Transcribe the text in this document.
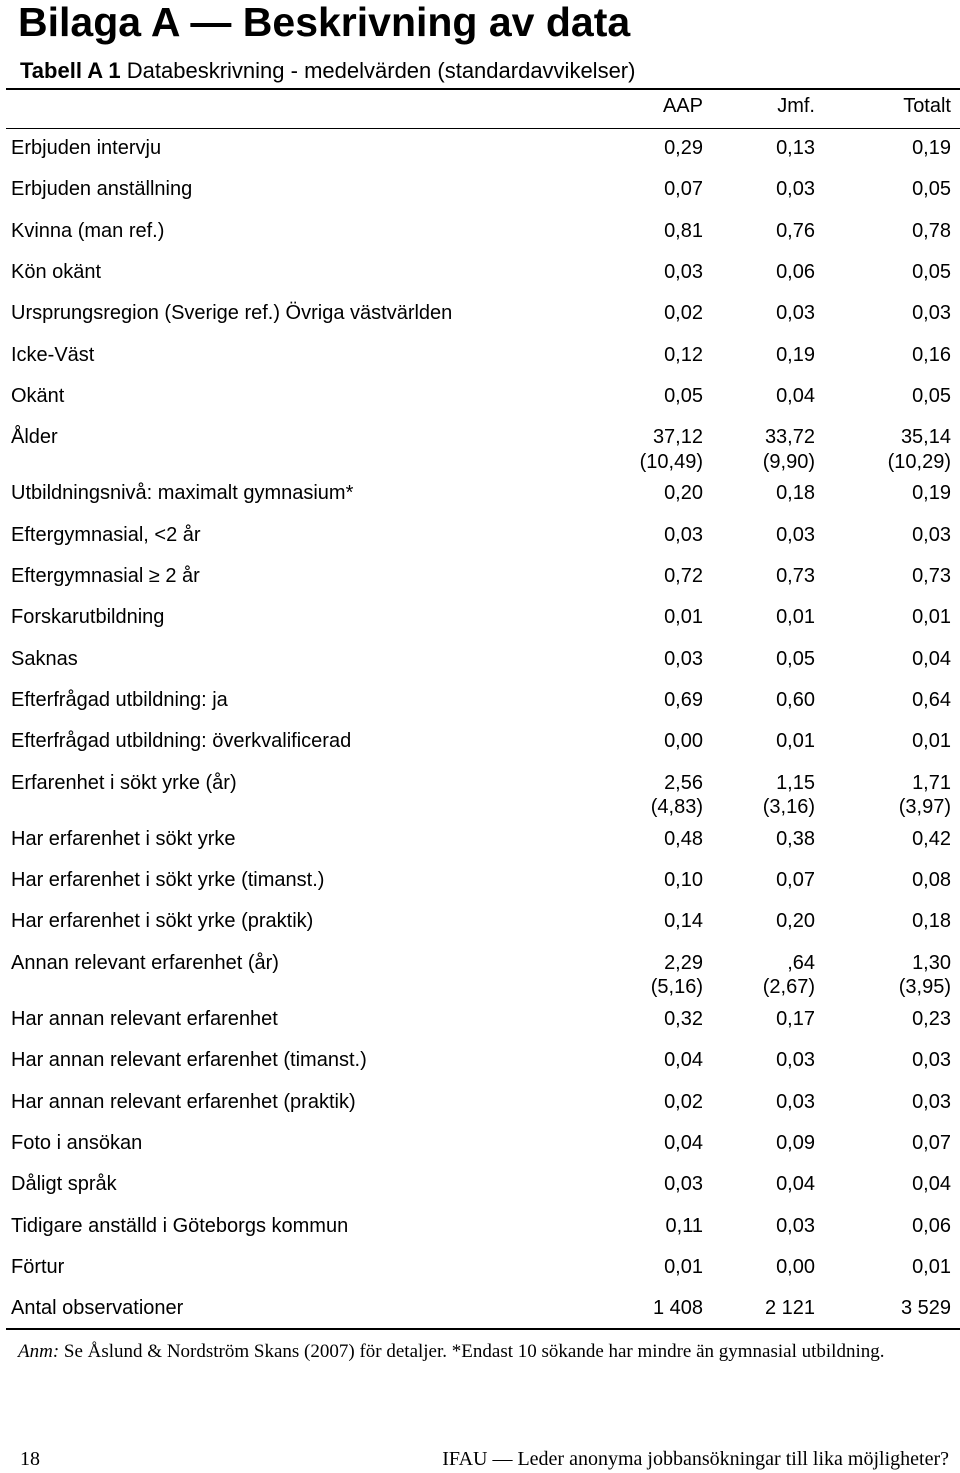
Bilaga A — Beskrivning av data
Tabell A 1 Databeskrivning - medelvärden (standardavvikelser)
AAP	Jmf.	Totalt
Erbjuden intervju	0,29	0,13	0,19
Erbjuden anställning	0,07	0,03	0,05
Kvinna (man ref.)	0,81	0,76	0,78
Kön okänt	0,03	0,06	0,05
Ursprungsregion (Sverige ref.) Övriga västvärlden	0,02	0,03	0,03
Icke-Väst	0,12	0,19	0,16
Okänt	0,05	0,04	0,05
Ålder	37,12	33,72	35,14
(10,49)	(9,90)	(10,29)
Utbildningsnivå: maximalt gymnasium*	0,20	0,18	0,19
Eftergymnasial, <2 år	0,03	0,03	0,03
Eftergymnasial ≥ 2 år	0,72	0,73	0,73
Forskarutbildning	0,01	0,01	0,01
Saknas	0,03	0,05	0,04
Efterfrågad utbildning: ja	0,69	0,60	0,64
Efterfrågad utbildning: överkvalificerad	0,00	0,01	0,01
Erfarenhet i sökt yrke (år)	2,56	1,15	1,71
(4,83)	(3,16)	(3,97)
Har erfarenhet i sökt yrke	0,48	0,38	0,42
Har erfarenhet i sökt yrke (timanst.)	0,10	0,07	0,08
Har erfarenhet i sökt yrke (praktik)	0,14	0,20	0,18
Annan relevant erfarenhet (år)	2,29	,64	1,30
(5,16)	(2,67)	(3,95)
Har annan relevant erfarenhet	0,32	0,17	0,23
Har annan relevant erfarenhet (timanst.)	0,04	0,03	0,03
Har annan relevant erfarenhet (praktik)	0,02	0,03	0,03
Foto i ansökan	0,04	0,09	0,07
Dåligt språk	0,03	0,04	0,04
Tidigare anställd i Göteborgs kommun	0,11	0,03	0,06
Förtur	0,01	0,00	0,01
Antal observationer	1 408	2 121	3 529
Anm: Se Åslund & Nordström Skans (2007) för detaljer. *Endast 10 sökande har mindre än gymnasial utbildning.
18	IFAU — Leder anonyma jobbansökningar till lika möjligheter?
